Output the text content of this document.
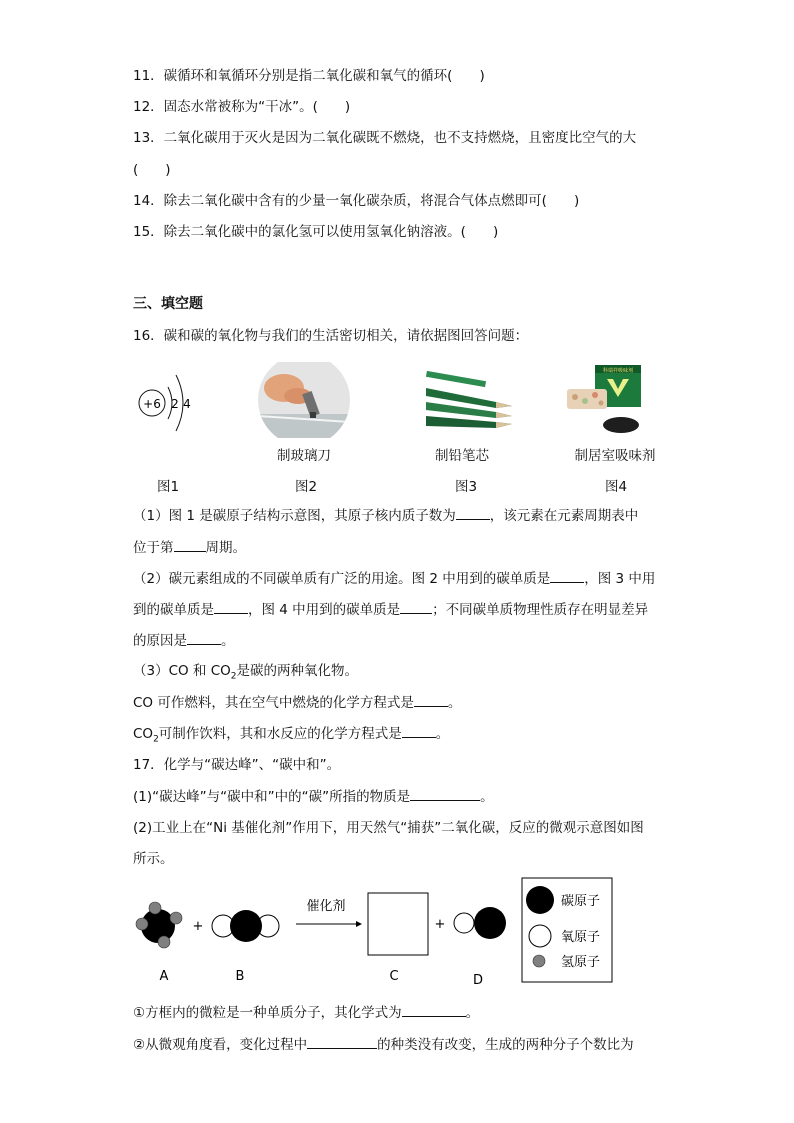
11．碳循环和氧循环分别是指二氧化碳和氧气的循环(　　)
12．固态水常被称为“干冰”。(　　)
13．二氧化碳用于灭火是因为二氧化碳既不燃烧，也不支持燃烧，且密度比空气的大
(　　)
14．除去二氧化碳中含有的少量一氧化碳杂质，将混合气体点燃即可(　　)
15．除去二氧化碳中的氯化氢可以使用氢氧化钠溶液。(　　)
三、填空题
16．碳和碳的氧化物与我们的生活密切相关，请依据图回答问题：
+6 2 4
科瑞祥吸味剂
制玻璃刀	制铅笔芯	制居室吸味剂
图1	图2	图3	图4
（1）图 1 是碳原子结构示意图，其原子核内质子数为	，该元素在元素周期表中
位于第 周期。
（2）碳元素组成的不同碳单质有广泛的用途。图 2 中用到的碳单质是	，图 3 中用
到的碳单质是	，图 4 中用到的碳单质是 ；不同碳单质物理性质存在明显差异
的原因是	。
（3）CO 和 $CO_2$是碳的两种氧化物。
CO 可作燃料，其在空气中燃烧的化学方程式是	。
$CO_2$可制作饮料，其和水反应的化学方程式是	。
17．化学与“碳达峰”、“碳中和”。
(1)“碳达峰”与“碳中和”中的“碳”所指的物质是	。
(2)工业上在“Ni 基催化剂”作用下，用天然气“捕获”二氧化碳，反应的微观示意图如图
所示。
+
催化剂
+
A	B	C	D
碳原子
氧原子
氢原子
①方框内的微粒是一种单质分子，其化学式为	。
②从微观角度看，变化过程中	的种类没有改变，生成的两种分子个数比为
